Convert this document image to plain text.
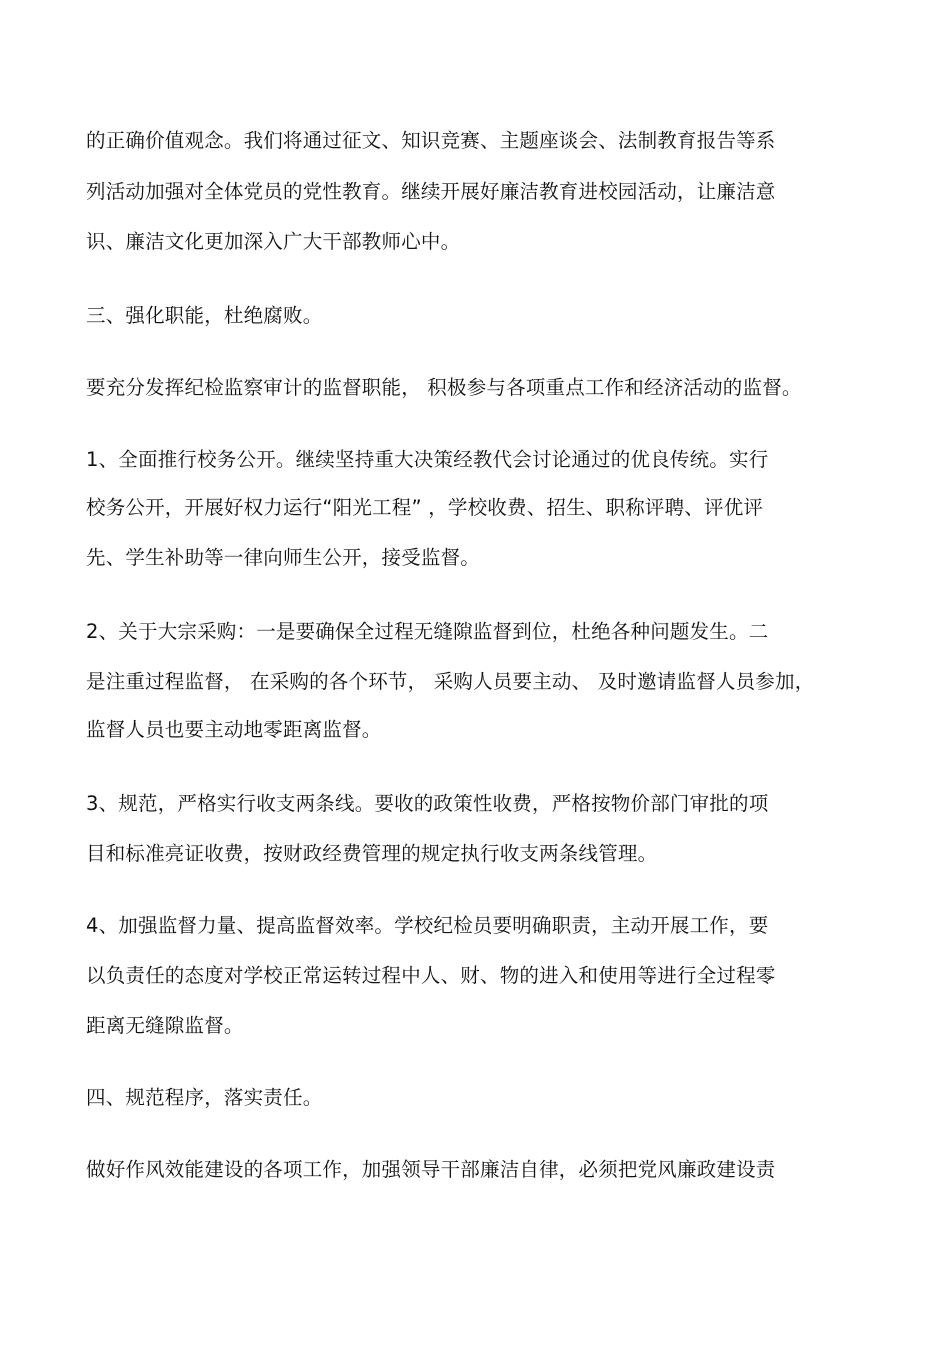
的正确价值观念。我们将通过征文、知识竞赛、主题座谈会、法制教育报告等系
列活动加强对全体党员的党性教育。继续开展好廉洁教育进校园活动，让廉洁意
识、廉洁文化更加深入广大干部教师心中。
三、强化职能，杜绝腐败。
要充分发挥纪检监察审计的监督职能， 积极参与各项重点工作和经济活动的监督。
1、全面推行校务公开。继续坚持重大决策经教代会讨论通过的优良传统。实行
校务公开，开展好权力运行“阳光工程” ，学校收费、招生、职称评聘、评优评
先、学生补助等一律向师生公开，接受监督。
2、关于大宗采购：一是要确保全过程无缝隙监督到位，杜绝各种问题发生。二
是注重过程监督， 在采购的各个环节， 采购人员要主动、 及时邀请监督人员参加，
监督人员也要主动地零距离监督。
3、规范，严格实行收支两条线。要收的政策性收费，严格按物价部门审批的项
目和标准亮证收费，按财政经费管理的规定执行收支两条线管理。
4、加强监督力量、提高监督效率。学校纪检员要明确职责，主动开展工作，要
以负责任的态度对学校正常运转过程中人、财、物的进入和使用等进行全过程零
距离无缝隙监督。
四、规范程序，落实责任。
做好作风效能建设的各项工作，加强领导干部廉洁自律，必须把党风廉政建设责
